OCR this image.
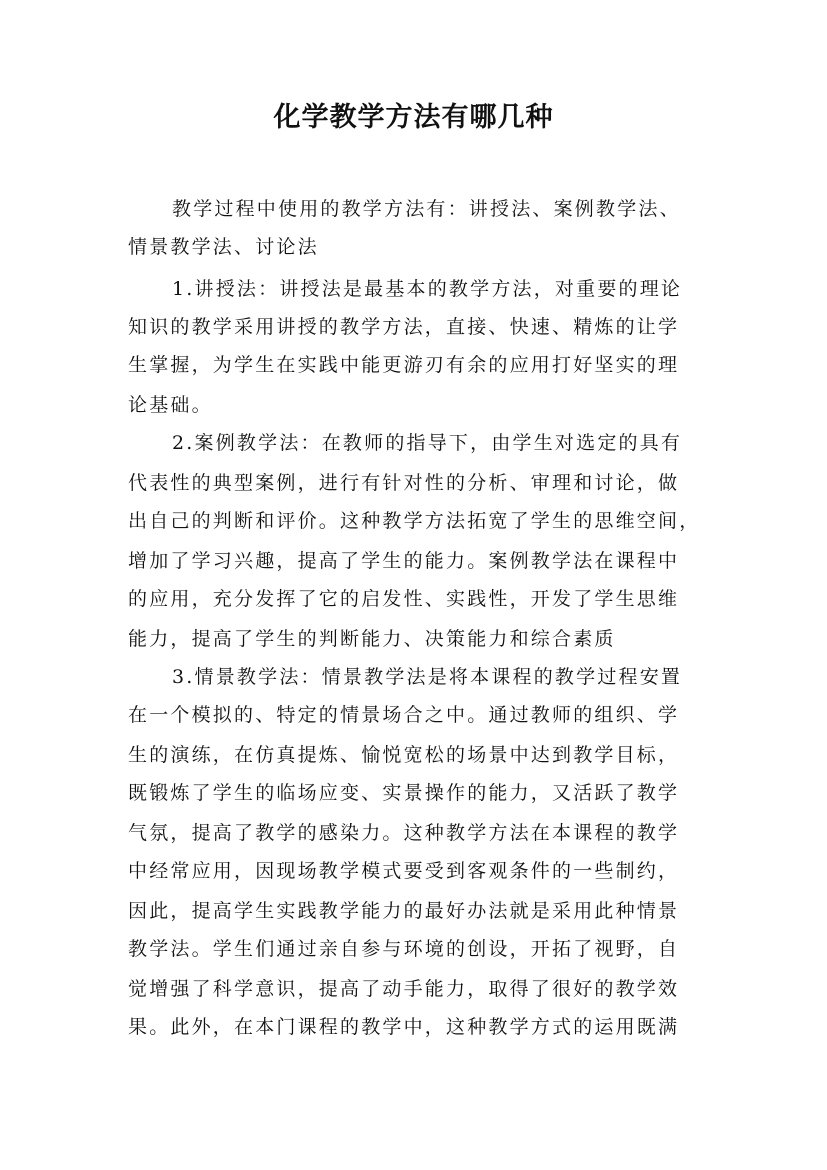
化学教学方法有哪几种
教学过程中使用的教学方法有：讲授法、案例教学法、
情景教学法、讨论法
1.讲授法：讲授法是最基本的教学方法，对重要的理论
知识的教学采用讲授的教学方法，直接、快速、精炼的让学
生掌握，为学生在实践中能更游刃有余的应用打好坚实的理
论基础。
2.案例教学法：在教师的指导下，由学生对选定的具有
代表性的典型案例，进行有针对性的分析、审理和讨论，做
出自己的判断和评价。这种教学方法拓宽了学生的思维空间，
增加了学习兴趣，提高了学生的能力。案例教学法在课程中
的应用，充分发挥了它的启发性、实践性，开发了学生思维
能力，提高了学生的判断能力、决策能力和综合素质
3.情景教学法：情景教学法是将本课程的教学过程安置
在一个模拟的、特定的情景场合之中。通过教师的组织、学
生的演练，在仿真提炼、愉悦宽松的场景中达到教学目标，
既锻炼了学生的临场应变、实景操作的能力，又活跃了教学
气氛，提高了教学的感染力。这种教学方法在本课程的教学
中经常应用，因现场教学模式要受到客观条件的一些制约，
因此，提高学生实践教学能力的最好办法就是采用此种情景
教学法。学生们通过亲自参与环境的创设，开拓了视野，自
觉增强了科学意识，提高了动手能力，取得了很好的教学效
果。此外，在本门课程的教学中，这种教学方式的运用既满
